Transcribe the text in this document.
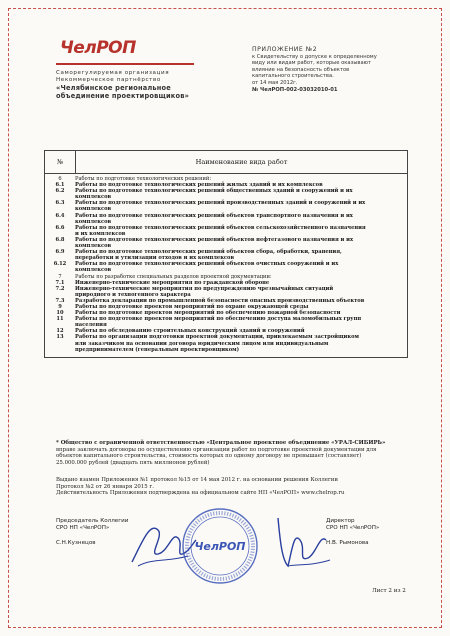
ЧелРОП
Саморегулируемая организация
Некоммерческое партнёрство
«Челябинское региональное
объединение проектировщиков»
ПРИЛОЖЕНИЕ №2
к Свидетельству о допуске к определенному
виду или видам работ, которые оказывают
влияние на безопасность объектов
капитального строительства.
от 14 мая 2012г.
№ ЧелРОП-002-03032010-01
№	Наименование вида работ
6	Работы по подготовке технологических решений:
6.1	Работы по подготовке технологических решений жилых зданий и их комплексов
6.2	Работы по подготовке технологических решений общественных зданий и сооружений и их
комплексов
6.3	Работы по подготовке технологических решений производственных зданий и сооружений и их
комплексов
6.4	Работы по подготовке технологических решений объектов транспортного назначения и их
комплексов
6.6	Работы по подготовке технологических решений объектов сельскохозяйственного назначения
и их комплексов
6.8	Работы по подготовке технологических решений объектов нефтегазового назначения и их
комплексов
6.9	Работы по подготовке технологических решений объектов сбора, обработки, хранения,
переработки и утилизации отходов и их комплексов
6.12	Работы по подготовке технологических решений объектов очистных сооружений и их
комплексов
7	Работы по разработке специальных разделов проектной документации:
7.1	Инженерно-технические мероприятия по гражданской обороне
7.2	Инженерно-технические мероприятия по предупреждению чрезвычайных ситуаций
природного и техногенного характера
7.3	Разработка декларации по промышленной безопасности опасных производственных объектов
9	Работы по подготовке проектов мероприятий по охране окружающей среды
10	Работы по подготовке проектов мероприятий по обеспечению пожарной безопасности
11	Работы по подготовке проектов мероприятий по обеспечению доступа маломобильных групп
населения
12	Работы по обследованию строительных конструкций зданий и сооружений
13	Работы по организации подготовки проектной документации, привлекаемым застройщиком
или заказчиком на основании договора юридическим лицом или индивидуальным
предпринимателем (генеральным проектировщиком)
* Общество с ограниченной ответственностью «Центральное проектное объединение «УРАЛ-СИБИРЬ»
вправе заключать договоры по осуществлению организации работ по подготовке проектной документации для
объектов капитального строительства, стоимость которых по одному договору не превышает (составляет)
25.000.000 рублей (двадцать пять миллионов рублей)
Выдано взамен Приложения №1 протокол №15 от 14 мая 2012 г. на основании решения Коллегии
Протокол №2 от 26 января 2015 г.
Действительность Приложения подтверждена на официальном сайте НП «ЧелРОП» www.chelrop.ru
Председатель Коллегии
СРО НП «ЧелРОП»
С.Н.Кузнецов
Директор
СРО НП «ЧелРОП»
Н.В. Рымонова
ЧелРОП
Лист 2 из 2
